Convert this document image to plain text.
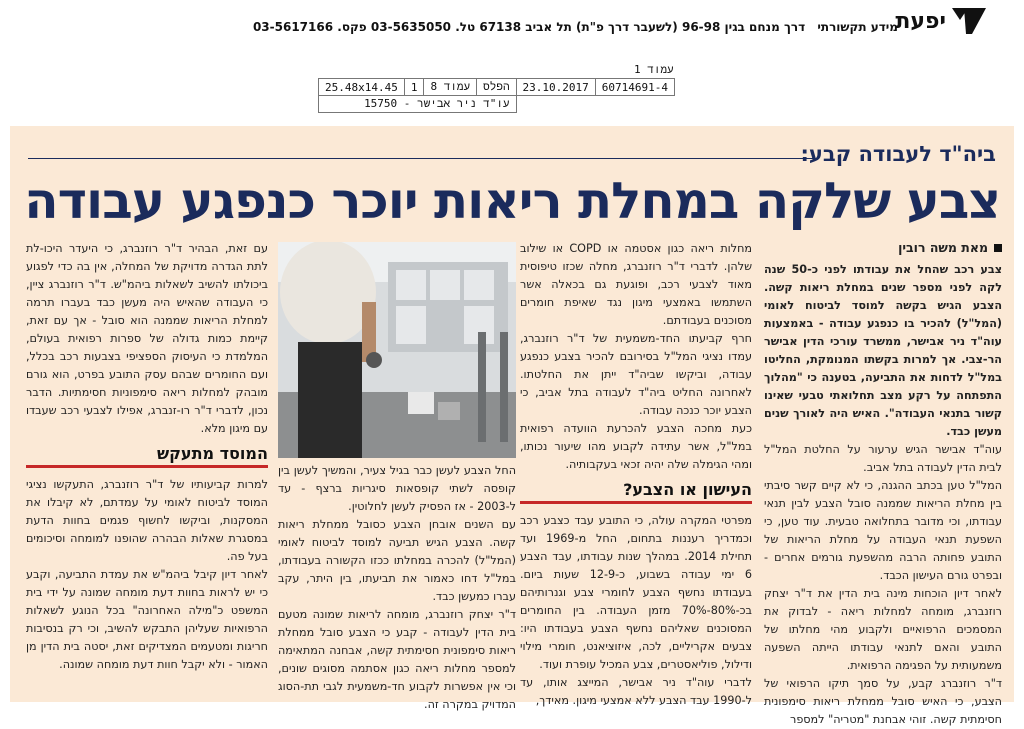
יפעת
מידע תקשורתי דרך מנחם בגין 96-98 (לשעבר דרך פ"ת) תל אביב 67138 טל. 03-5635050 פקס. 03-5617166
עמוד 1
25.48x14.45	1	עמוד 8	הפלס	23.10.2017	60714691-4
עו"ד ניר אבישר - 15750					
ביה"ד לעבודה קבע:
צבע שלקה במחלת ריאות יוכר כנפגע עבודה
מאת משה רובין

צבע רכב שהחל את עבודתו לפני כ-50 שנה לקה לפני מספר שנים במחלת ריאות קשה. הצבע הגיש בקשה למוסד לביטוח לאומי (המל"ל) להכיר בו כנפגע עבודה - באמצעות עוה"ד ניר אבישר, ממשרד עורכי הדין אבישר הר-צבי. אך למרות בקשתו המנומקת, החליטו במל"ל לדחות את התביעה, בטענה כי "מהלוך התפתחה על רקע מצב תחלואתי טבעי שאינו קשור בתנאי העבודה". האיש היה לאורך שנים מעשן כבד.

עוה"ד אבישר הגיש ערעור על החלטת המל"ל לבית הדין לעבודה בתל אביב.

המל"ל טען בכתב ההגנה, כי לא קיים קשר סיבתי בין מחלת הריאות שממנה סובל הצבע לבין תנאי עבודתו, וכי מדובר בתחלואה טבעית. עוד טען, כי השפעת תנאי העבודה על מחלת הריאות של התובע פחותה הרבה מהשפעת גורמים אחרים - ובפרט גורם העישון הכבד.

לאחר דיון הוכחות מינה בית הדין את ד"ר יצחק רוזנברג, מומחה למחלות ריאה - לבדוק את המסמכים הרפואיים ולקבוע מהי מחלתו של התובע והאם לתנאי עבודתו הייתה השפעה משמעותית על הפגימה הרפואית.

ד"ר רוזנברג קבע, על סמך תיקו הרפואי של הצבע, כי האיש סובל ממחלת ריאות סימפונית חסימתית קשה. זוהי אבחנת "מטריה" למספר

מחלות ריאה כגון אסטמה או COPD או שילוב שלהן. לדברי ד"ר רוזנברג, מחלה שכזו טיפוסית מאוד לצבעי רכב, ופוגעת גם בכאלה אשר השתמשו באמצעי מיגון נגד שאיפת חומרים מסוכנים בעבודתם.

חרף קביעתו החד-משמעית של ד"ר רוזנברג, עמדו נציגי המל"ל בסירובם להכיר בצבע כנפגע עבודה, וביקשו שביה"ד ייתן את החלטתו. לאחרונה החליט ביה"ד לעבודה בתל אביב, כי הצבע יוכר כנכה עבודה.

כעת מחכה הצבע להכרעת הוועדה רפואית במל"ל, אשר עתידה לקבוע מהו שיעור נכותו, ומהי הגימלה שלה יהיה זכאי בעקבותיה.

העישון או הצבע?

מפרטי המקרה עולה, כי התובע עבד כצבע רכב וכמדריך רעננות בתחום, החל מ-1969 ועד תחילת 2014. במהלך שנות עבודתו, עבד הצבע 6 ימי עבודה בשבוע, כ-12-9 שעות ביום. בעבודתו נחשף הצבע לחומרי צבע וגנרותיהם בכ-80%-70% מזמן העבודה. בין החומרים המסוכנים שאליהם נחשף הצבע בעבודתו היו: צבעים אקריליים, לכה, איזוציאנט, חומרי מילוי ודילול, פוליאסטרים, צבע המכיל עופרת ועוד.

לדברי עוה"ד ניר אבישר, המייצג אותו, עד ל-1990 עבד הצבע ללא אמצעי מיגון. מאידך,

החל הצבע לעשן כבר בגיל צעיר, והמשיך לעשן בין קופסה לשתי קופסאות סיגריות ברצף - עד ל-2003 - אז הפסיק לעשן לחלוטין.

עם השנים אובחן הצבע כסובל ממחלת ריאות קשה. הצבע הגיש תביעה למוסד לביטוח לאומי (המל"ל) להכרה במחלתו ככזו הקשורה בעבודתו, במל"ל דחו כאמור את תביעתו, בין היתר, עקב עברו כמעשן כבד.

ד"ר יצחק רוזנברג, מומחה לריאות שמונה מטעם בית הדין לעבודה - קבע כי הצבע סובל ממחלת ריאות סימפונית חסימתית קשה, אבחנה המתאימה למספר מחלות ריאה כגון אסתמה מסוגים שונים, וכי אין אפשרות לקבוע חד-משמעית לגבי תת-הסוג המדויק במקרה זה.

עם זאת, הבהיר ד"ר רוזנברג, כי היעדר היכו-לת לתת הגדרה מדויקת של המחלה, אין בה כדי לפגוע ביכולתו להשיב לשאלות ביהמ"ש. ד"ר רוזנברג ציין, כי העבודה שהאיש היה מעשן כבד בעברו תרמה למחלת הריאות שממנה הוא סובל - אך עם זאת, קיימת כמות גדולה של ספרות רפואית בעולם, המלמדת כי העיסוק הספציפי בצבעות רכב בכלל, ועם החומרים שבהם עסק התובע בפרט, הוא גורם מובהק למחלות ריאה סימפוניות חסימתיות. הדבר נכון, לדברי ד"ר רו-זנברג, אפילו לצבעי רכב שעבדו עם מיגון מלא.

המוסד מתעקש

למרות קביעותיו של ד"ר רוזנברג, התעקשו נציגי המוסד לביטוח לאומי על עמדתם, לא קיבלו את המסקנות, וביקשו לחשוף פגמים בחוות הדעת במסגרת שאלות הבהרה שהופנו למומחה וסיכומים בעל פה.

לאחר דיון קיבל ביהמ"ש את עמדת התביעה, וקבע כי יש לראות בחוות דעת מומחה שמונה על ידי בית המשפט כ"מילה האחרונה" בכל הנוגע לשאלות הרפואיות שעליהן התבקש להשיב, וכי רק בנסיבות חריגות ומטעמים המצדיקים זאת, יסטה בית הדין מן האמור - ולא יקבל חוות דעת מומחה שמונה.
